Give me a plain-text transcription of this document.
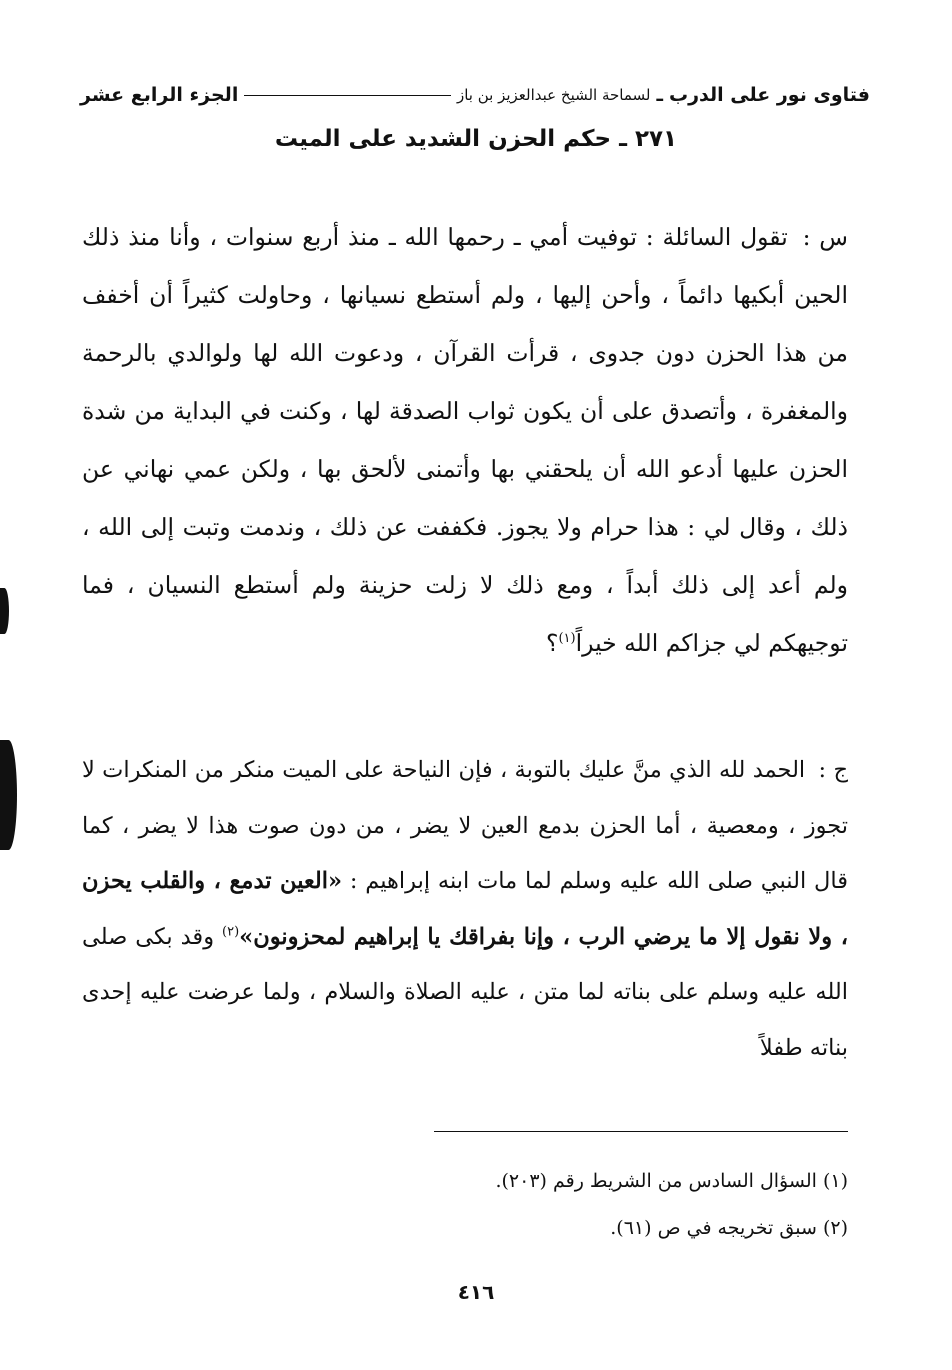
فتاوى نور على الدرب
ـ
لسماحة الشيخ عبدالعزيز بن باز
الجزء الرابع عشر
٢٧١ ـ حكم الحزن الشديد على الميت
س : تقول السائلة : توفيت أمي ـ رحمها الله ـ منذ أربع سنوات ، وأنا منذ ذلك الحين أبكيها دائماً ، وأحن إليها ، ولم أستطع نسيانها ، وحاولت كثيراً أن أخفف من هذا الحزن دون جدوى ، قرأت القرآن ، ودعوت الله لها ولوالدي بالرحمة والمغفرة ، وأتصدق على أن يكون ثواب الصدقة لها ، وكنت في البداية من شدة الحزن عليها أدعو الله أن يلحقني بها وأتمنى لألحق بها ، ولكن عمي نهاني عن ذلك ، وقال لي : هذا حرام ولا يجوز. فكففت عن ذلك ، وندمت وتبت إلى الله ، ولم أعد إلى ذلك أبداً ، ومع ذلك لا زلت حزينة ولم أستطع النسيان ، فما توجيهكم لي جزاكم الله خيراً$^{(١)}$؟
ج : الحمد لله الذي منَّ عليك بالتوبة ، فإن النياحة على الميت منكر من المنكرات لا تجوز ، ومعصية ، أما الحزن بدمع العين لا يضر ، من دون صوت هذا لا يضر ، كما قال النبي صلى الله عليه وسلم لما مات ابنه إبراهيم : «العين تدمع ، والقلب يحزن ، ولا نقول إلا ما يرضي الرب ، وإنا بفراقك يا إبراهيم لمحزونون»$^{(٢)}$ وقد بكى صلى الله عليه وسلم على بناته لما متن ، عليه الصلاة والسلام ، ولما عرضت عليه إحدى بناته طفلاً
(١) السؤال السادس من الشريط رقم (٢٠٣).
(٢) سبق تخريجه في ص (٦١).
٤١٦
